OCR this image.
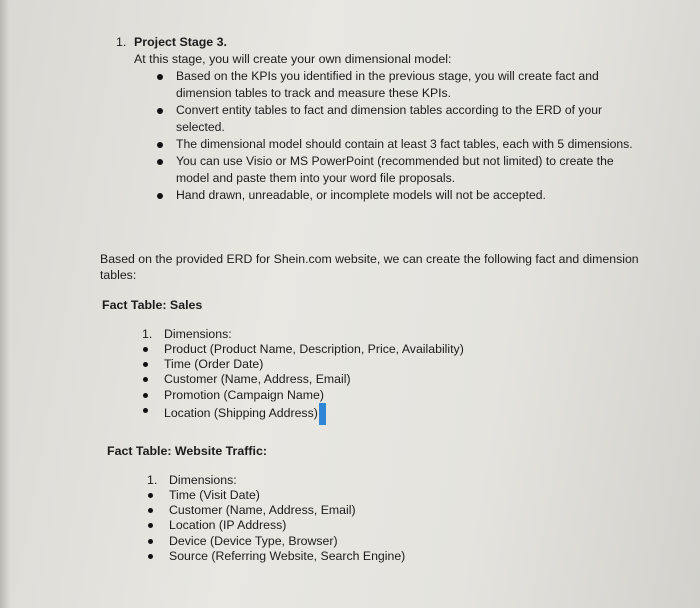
1. Project Stage 3.
At this stage, you will create your own dimensional model:
Based on the KPIs you identified in the previous stage, you will create fact and dimension tables to track and measure these KPIs.
Convert entity tables to fact and dimension tables according to the ERD of your selected.
The dimensional model should contain at least 3 fact tables, each with 5 dimensions.
You can use Visio or MS PowerPoint (recommended but not limited) to create the model and paste them into your word file proposals.
Hand drawn, unreadable, or incomplete models will not be accepted.

Based on the provided ERD for Shein.com website, we can create the following fact and dimension tables:

Fact Table: Sales
1. Dimensions:
Product (Product Name, Description, Price, Availability)
Time (Order Date)
Customer (Name, Address, Email)
Promotion (Campaign Name)
Location (Shipping Address)
Fact Table: Website Traffic:
1. Dimensions:
Time (Visit Date)
Customer (Name, Address, Email)
Location (IP Address)
Device (Device Type, Browser)
Source (Referring Website, Search Engine)
